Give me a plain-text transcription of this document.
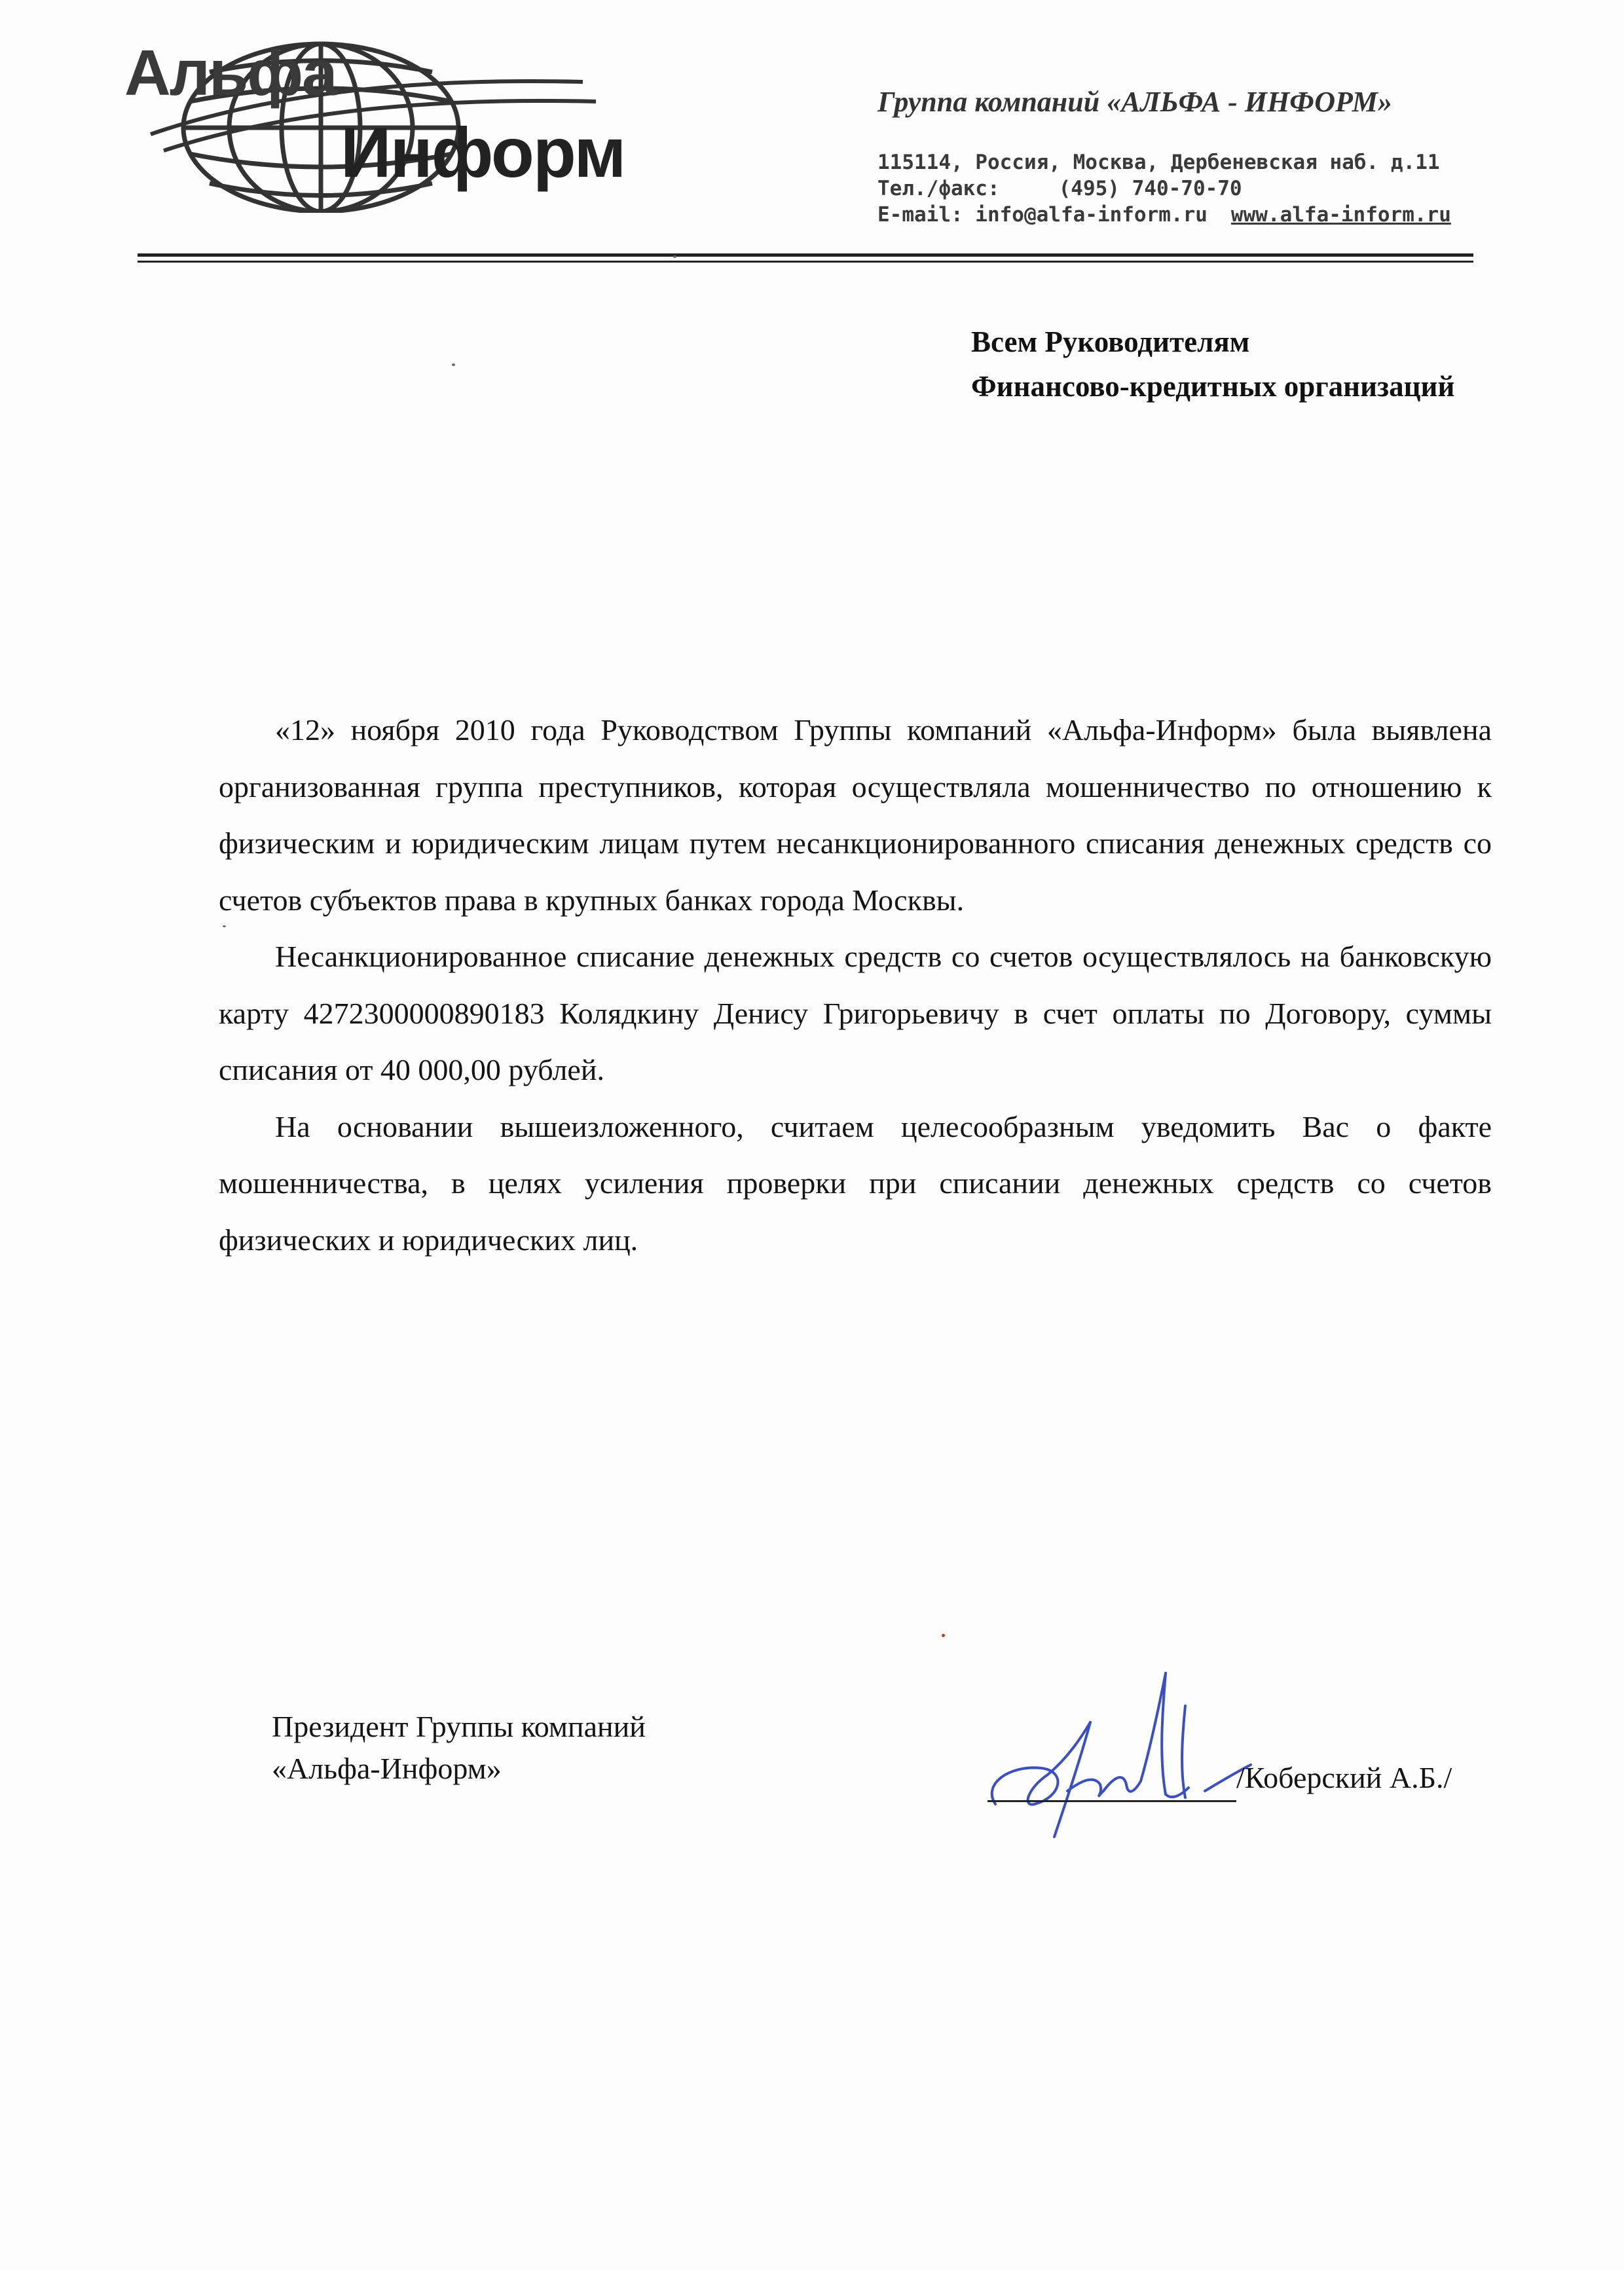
Альфа
Информ
Группа компаний «АЛЬФА - ИНФОРМ»
115114, Россия, Москва, Дербеневская наб. д.11
Тел./факс:	(495) 740-70-70
E-mail: info@alfa-inform.ru www.alfa-inform.ru
Всем Руководителям
Финансово-кредитных организаций

«12» ноября 2010 года Руководством Группы компаний «Альфа-Информ» была выявлена организованная группа преступников, которая осуществляла мошенничество по отношению к физическим и юридическим лицам путем несанкционированного списания денежных средств со счетов субъектов права в крупных банках города Москвы.

Несанкционированное списание денежных средств со счетов осуществлялось на банковскую карту 4272300000890183 Колядкину Денису Григорьевичу в счет оплаты по Договору, суммы списания от 40 000,00 рублей.

На основании вышеизложенного, считаем целесообразным уведомить Вас о факте мошенничества, в целях усиления проверки при списании денежных средств со счетов физических и юридических лиц.

Президент Группы компаний
«Альфа-Информ»	/Коберский А.Б./
